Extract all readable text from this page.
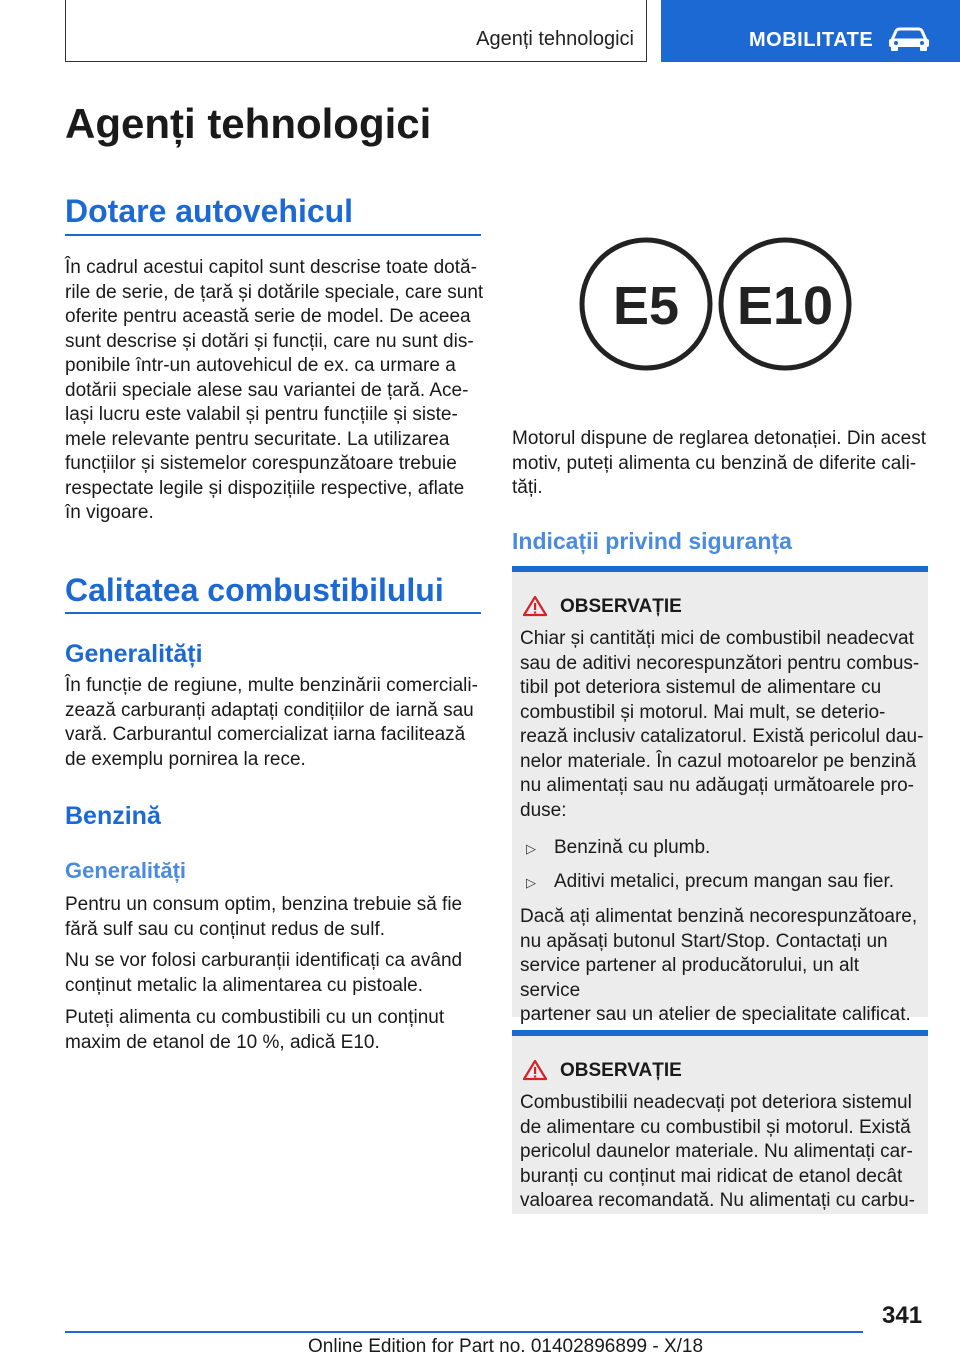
Agenți tehnologici	MOBILITATE
Agenți tehnologici
Dotare autovehicul
În cadrul acestui capitol sunt descrise toate dotă-
rile de serie, de țară și dotările speciale, care sunt
oferite pentru această serie de model. De aceea
sunt descrise și dotări și funcții, care nu sunt dis-
ponibile într-un autovehicul de ex. ca urmare a
dotării speciale alese sau variantei de țară. Ace-
lași lucru este valabil și pentru funcțiile și siste-
mele relevante pentru securitate. La utilizarea
funcțiilor și sistemelor corespunzătoare trebuie
respectate legile și dispozițiile respective, aflate
în vigoare.
Calitatea combustibilului
Generalități
În funcție de regiune, multe benzinării comerciali-
zează carburanți adaptați condițiilor de iarnă sau
vară. Carburantul comercializat iarna facilitează
de exemplu pornirea la rece.
Benzină
Generalități
Pentru un consum optim, benzina trebuie să fie
fără sulf sau cu conținut redus de sulf.
Nu se vor folosi carburanții identificați ca având
conținut metalic la alimentarea cu pistoale.
Puteți alimenta cu combustibili cu un conținut
maxim de etanol de 10 %, adică E10.
E5 E10
Motorul dispune de reglarea detonației. Din acest
motiv, puteți alimenta cu benzină de diferite cali-
tăți.
Indicații privind siguranța
OBSERVAȚIE
Chiar și cantități mici de combustibil neadecvat
sau de aditivi necorespunzători pentru combus-
tibil pot deteriora sistemul de alimentare cu
combustibil și motorul. Mai mult, se deterio-
rează inclusiv catalizatorul. Există pericolul dau-
nelor materiale. În cazul motoarelor pe benzină
nu alimentați sau nu adăugați următoarele pro-
duse:
▷ Benzină cu plumb.
▷ Aditivi metalici, precum mangan sau fier.
Dacă ați alimentat benzină necorespunzătoare,
nu apăsați butonul Start/Stop. Contactați un
service partener al producătorului, un alt service
partener sau un atelier de specialitate calificat.
OBSERVAȚIE
Combustibilii neadecvați pot deteriora sistemul
de alimentare cu combustibil și motorul. Există
pericolul daunelor materiale. Nu alimentați car-
buranți cu conținut mai ridicat de etanol decât
valoarea recomandată. Nu alimentați cu carbu-
341
Online Edition for Part no. 01402896899 - X/18
